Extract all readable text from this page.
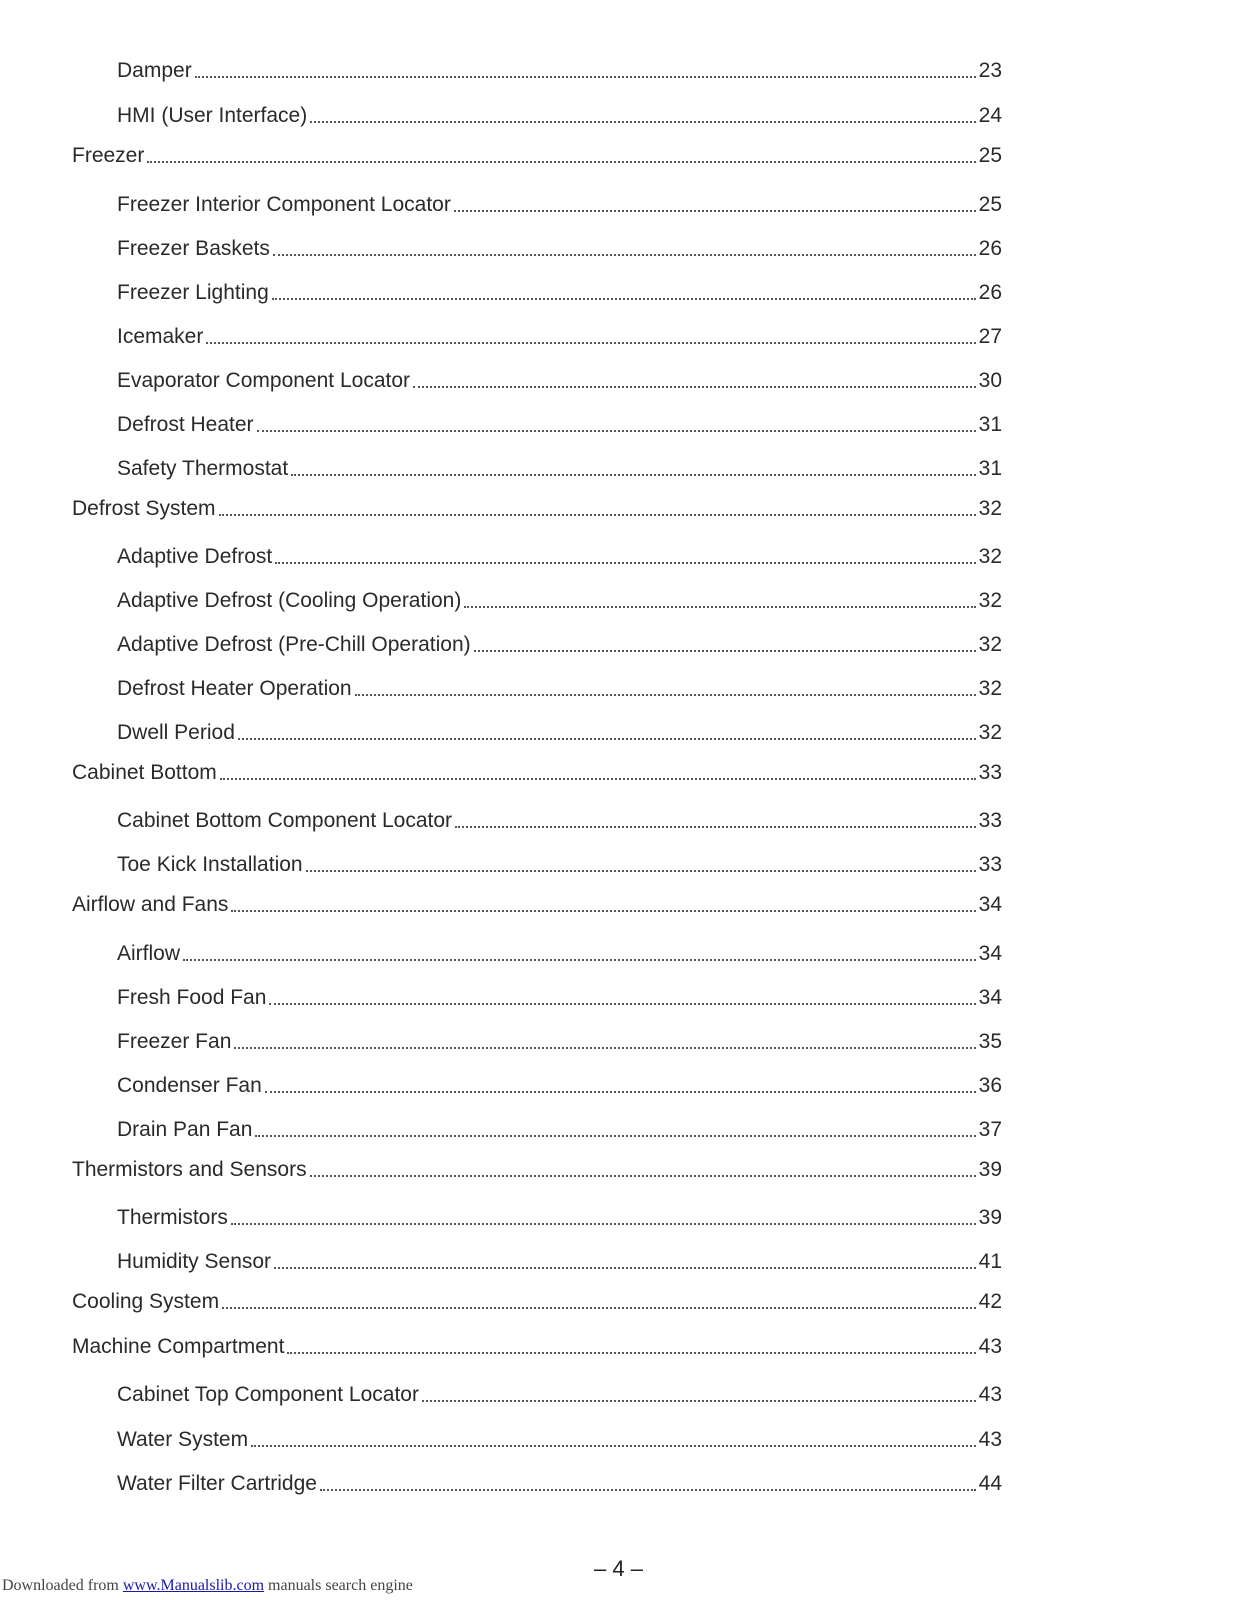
Damper	23
HMI (User Interface)	24
Freezer	25
Freezer Interior Component Locator	25
Freezer Baskets	26
Freezer Lighting	26
Icemaker	27
Evaporator Component Locator	30
Defrost Heater	31
Safety Thermostat	31
Defrost System	32
Adaptive Defrost	32
Adaptive Defrost (Cooling Operation)	32
Adaptive Defrost (Pre-Chill Operation)	32
Defrost Heater Operation	32
Dwell Period	32
Cabinet Bottom	33
Cabinet Bottom Component Locator	33
Toe Kick Installation	33
Airflow and Fans	34
Airflow	34
Fresh Food Fan	34
Freezer Fan	35
Condenser Fan	36
Drain Pan Fan	37
Thermistors and Sensors	39
Thermistors	39
Humidity Sensor	41
Cooling System	42
Machine Compartment	43
Cabinet Top Component Locator	43
Water System	43
Water Filter Cartridge	44
– 4 –
Downloaded from www.Manualslib.com manuals search engine
